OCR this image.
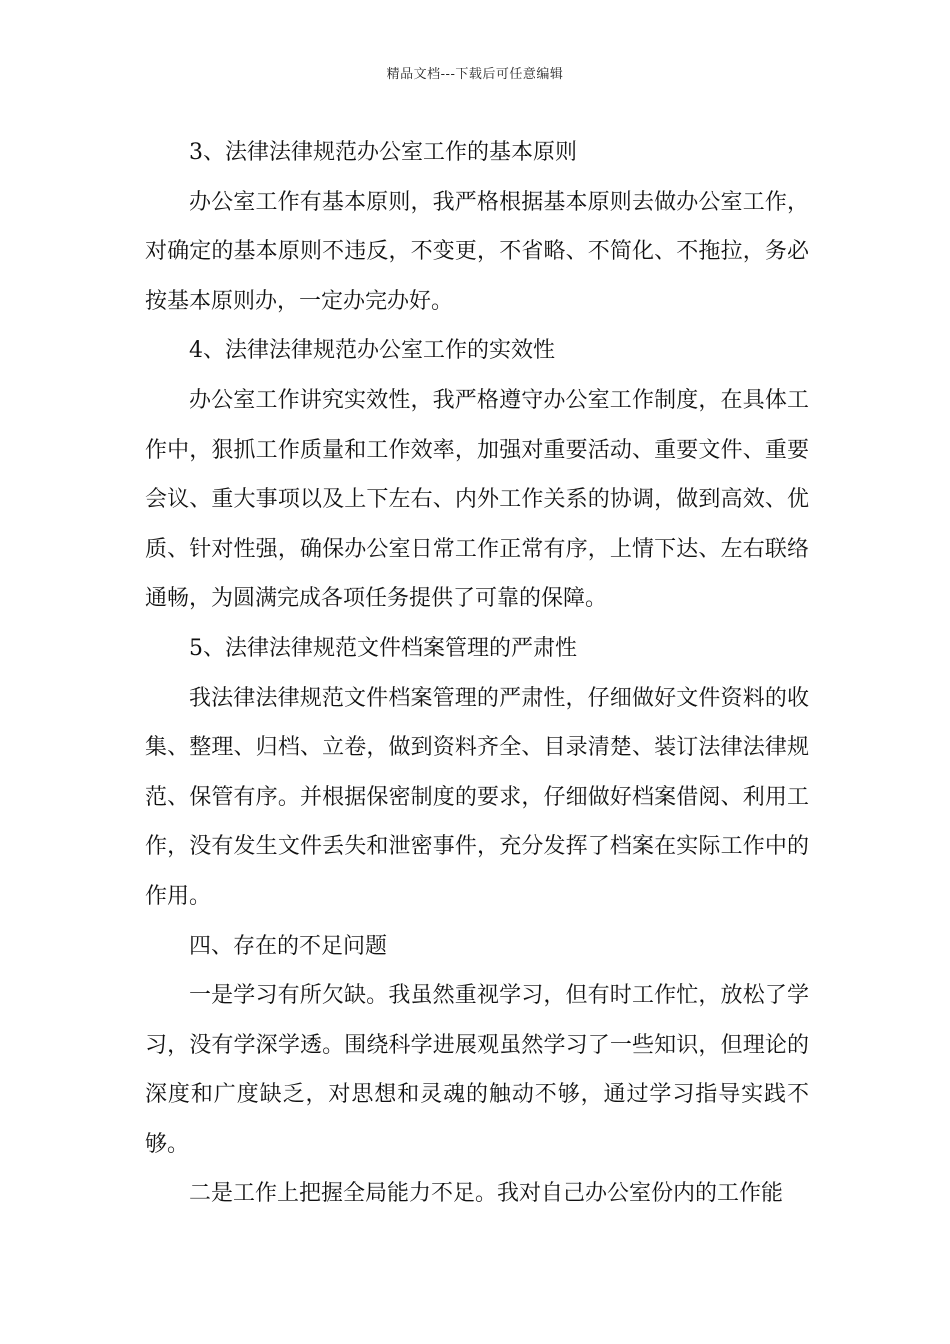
精品文档---下载后可任意编辑

3、法律法律规范办公室工作的基本原则

办公室工作有基本原则，我严格根据基本原则去做办公室工作，对确定的基本原则不违反，不变更，不省略、不简化、不拖拉，务必按基本原则办，一定办完办好。

4、法律法律规范办公室工作的实效性

办公室工作讲究实效性，我严格遵守办公室工作制度，在具体工作中，狠抓工作质量和工作效率，加强对重要活动、重要文件、重要会议、重大事项以及上下左右、内外工作关系的协调，做到高效、优质、针对性强，确保办公室日常工作正常有序，上情下达、左右联络通畅，为圆满完成各项任务提供了可靠的保障。

5、法律法律规范文件档案管理的严肃性

我法律法律规范文件档案管理的严肃性，仔细做好文件资料的收集、整理、归档、立卷，做到资料齐全、目录清楚、装订法律法律规范、保管有序。并根据保密制度的要求，仔细做好档案借阅、利用工作，没有发生文件丢失和泄密事件，充分发挥了档案在实际工作中的作用。

四、存在的不足问题

一是学习有所欠缺。我虽然重视学习，但有时工作忙，放松了学习，没有学深学透。围绕科学进展观虽然学习了一些知识，但理论的深度和广度缺乏，对思想和灵魂的触动不够，通过学习指导实践不够。

二是工作上把握全局能力不足。我对自己办公室份内的工作能
